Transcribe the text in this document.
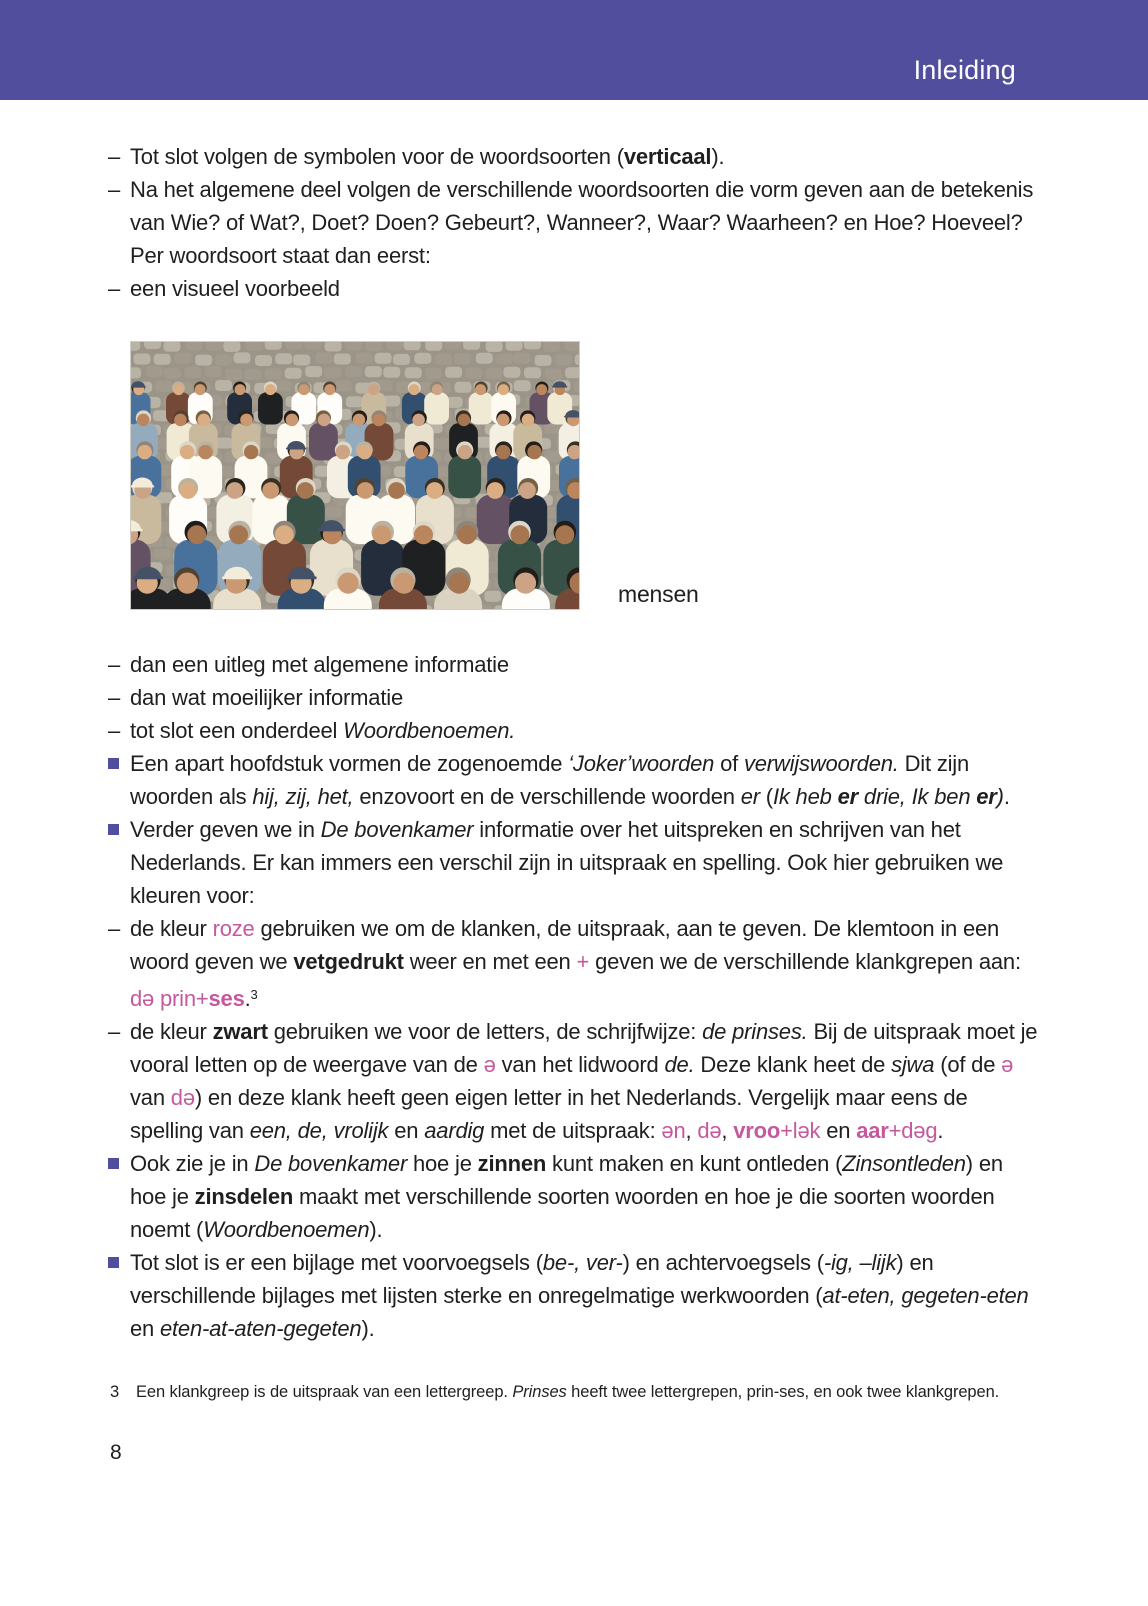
Inleiding
– Tot slot volgen de symbolen voor de woordsoorten (verticaal).
– Na het algemene deel volgen de verschillende woordsoorten die vorm geven aan de betekenis van Wie? of Wat?, Doet? Doen? Gebeurt?, Wanneer?, Waar? Waarheen? en Hoe? Hoeveel?
Per woordsoort staat dan eerst:
– een visueel voorbeeld
mensen
– dan een uitleg met algemene informatie
– dan wat moeilijker informatie
– tot slot een onderdeel Woordbenoemen.
Een apart hoofdstuk vormen de zogenoemde ‘Joker’woorden of verwijswoorden. Dit zijn woorden als hij, zij, het, enzovoort en de verschillende woorden er (Ik heb er drie, Ik ben er).
Verder geven we in De bovenkamer informatie over het uitspreken en schrijven van het Nederlands. Er kan immers een verschil zijn in uitspraak en spelling. Ook hier gebruiken we kleuren voor:
– de kleur roze gebruiken we om de klanken, de uitspraak, aan te geven. De klemtoon in een woord geven we vetgedrukt weer en met een + geven we de verschillende klankgrepen aan: də prin+ses.$^3$
– de kleur zwart gebruiken we voor de letters, de schrijfwijze: de prinses. Bij de uitspraak moet je vooral letten op de weergave van de ə van het lidwoord de. Deze klank heet de sjwa (of de ə van də) en deze klank heeft geen eigen letter in het Nederlands. Vergelijk maar eens de spelling van een, de, vrolijk en aardig met de uitspraak: ən, də, vroo+lək en aar+dəg.
Ook zie je in De bovenkamer hoe je zinnen kunt maken en kunt ontleden (Zinsontleden) en hoe je zinsdelen maakt met verschillende soorten woorden en hoe je die soorten woorden noemt (Woordbenoemen).
Tot slot is er een bijlage met voorvoegsels (be-, ver-) en achtervoegsels (-ig, –lijk) en verschillende bijlages met lijsten sterke en onregelmatige werkwoorden (at-eten, gegeten-eten en eten-at-aten-gegeten).
3	Een klankgreep is de uitspraak van een lettergreep. Prinses heeft twee lettergrepen, prin-ses, en ook twee klankgrepen.
8
